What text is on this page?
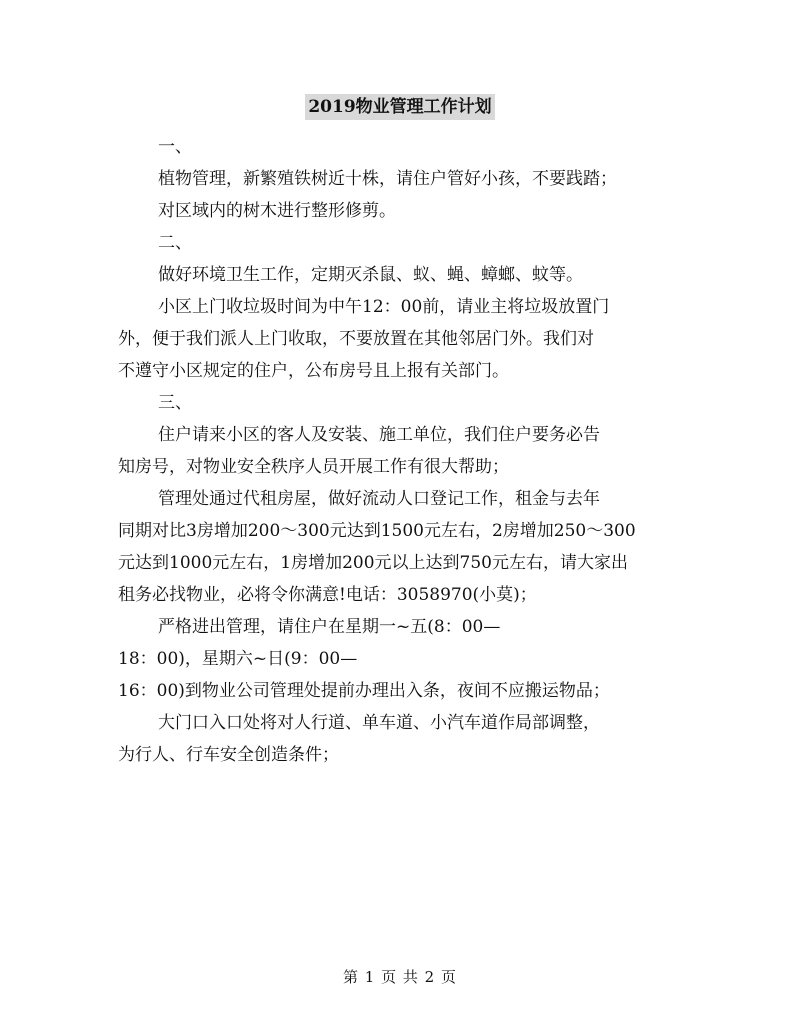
2019物业管理工作计划
一、
植物管理，新繁殖铁树近十株，请住户管好小孩，不要践踏；
对区域内的树木进行整形修剪。
二、
做好环境卫生工作，定期灭杀鼠、蚁、蝇、蟑螂、蚊等。
小区上门收垃圾时间为中午12：00前，请业主将垃圾放置门
外，便于我们派人上门收取，不要放置在其他邻居门外。我们对
不遵守小区规定的住户，公布房号且上报有关部门。
三、
住户请来小区的客人及安装、施工单位，我们住户要务必告
知房号，对物业安全秩序人员开展工作有很大帮助；
管理处通过代租房屋，做好流动人口登记工作，租金与去年
同期对比3房增加200～300元达到1500元左右，2房增加250～300
元达到1000元左右，1房增加200元以上达到750元左右，请大家出
租务必找物业，必将令你满意!电话：3058970(小莫)；
严格进出管理，请住户在星期一~五(8：00—
18：00)，星期六~日(9：00—
16：00)到物业公司管理处提前办理出入条，夜间不应搬运物品；
大门口入口处将对人行道、单车道、小汽车道作局部调整，
为行人、行车安全创造条件；
第 1 页 共 2 页
